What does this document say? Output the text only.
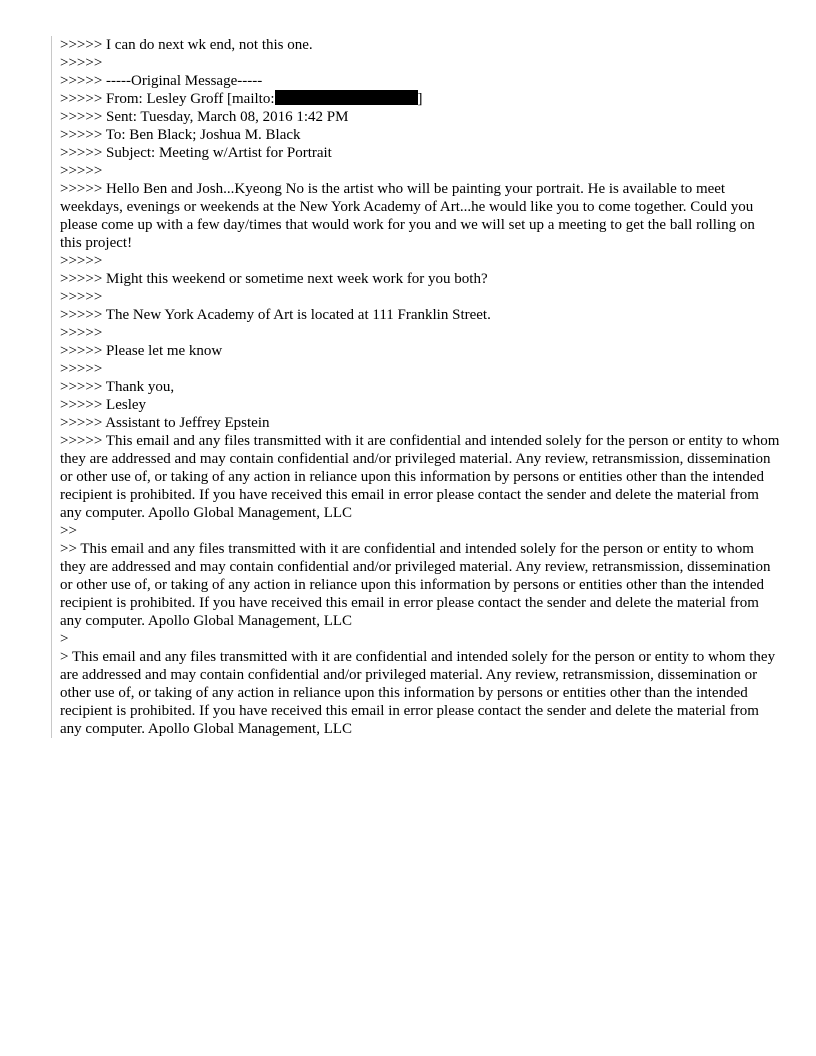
>>>>> I can do next wk end, not this one.
>>>>>
>>>>> -----Original Message-----
>>>>> From: Lesley Groff [mailto:	]
>>>>> Sent: Tuesday, March 08, 2016 1:42 PM
>>>>> To: Ben Black; Joshua M. Black
>>>>> Subject: Meeting w/Artist for Portrait
>>>>>
>>>>> Hello Ben and Josh...Kyeong No is the artist who will be painting your portrait. He is available to meet weekdays, evenings or weekends at the New York Academy of Art...he would like you to come together. Could you please come up with a few day/times that would work for you and we will set up a meeting to get the ball rolling on this project!
>>>>>
>>>>> Might this weekend or sometime next week work for you both?
>>>>>
>>>>> The New York Academy of Art is located at 111 Franklin Street.
>>>>>
>>>>> Please let me know
>>>>>
>>>>> Thank you,
>>>>> Lesley
>>>>> Assistant to Jeffrey Epstein
>>>>> This email and any files transmitted with it are confidential and intended solely for the person or entity to whom they are addressed and may contain confidential and/or privileged material. Any review, retransmission, dissemination or other use of, or taking of any action in reliance upon this information by persons or entities other than the intended recipient is prohibited. If you have received this email in error please contact the sender and delete the material from any computer. Apollo Global Management, LLC
>>
>> This email and any files transmitted with it are confidential and intended solely for the person or entity to whom they are addressed and may contain confidential and/or privileged material. Any review, retransmission, dissemination or other use of, or taking of any action in reliance upon this information by persons or entities other than the intended recipient is prohibited. If you have received this email in error please contact the sender and delete the material from any computer. Apollo Global Management, LLC
>
> This email and any files transmitted with it are confidential and intended solely for the person or entity to whom they are addressed and may contain confidential and/or privileged material. Any review, retransmission, dissemination or other use of, or taking of any action in reliance upon this information by persons or entities other than the intended recipient is prohibited. If you have received this email in error please contact the sender and delete the material from any computer. Apollo Global Management, LLC
